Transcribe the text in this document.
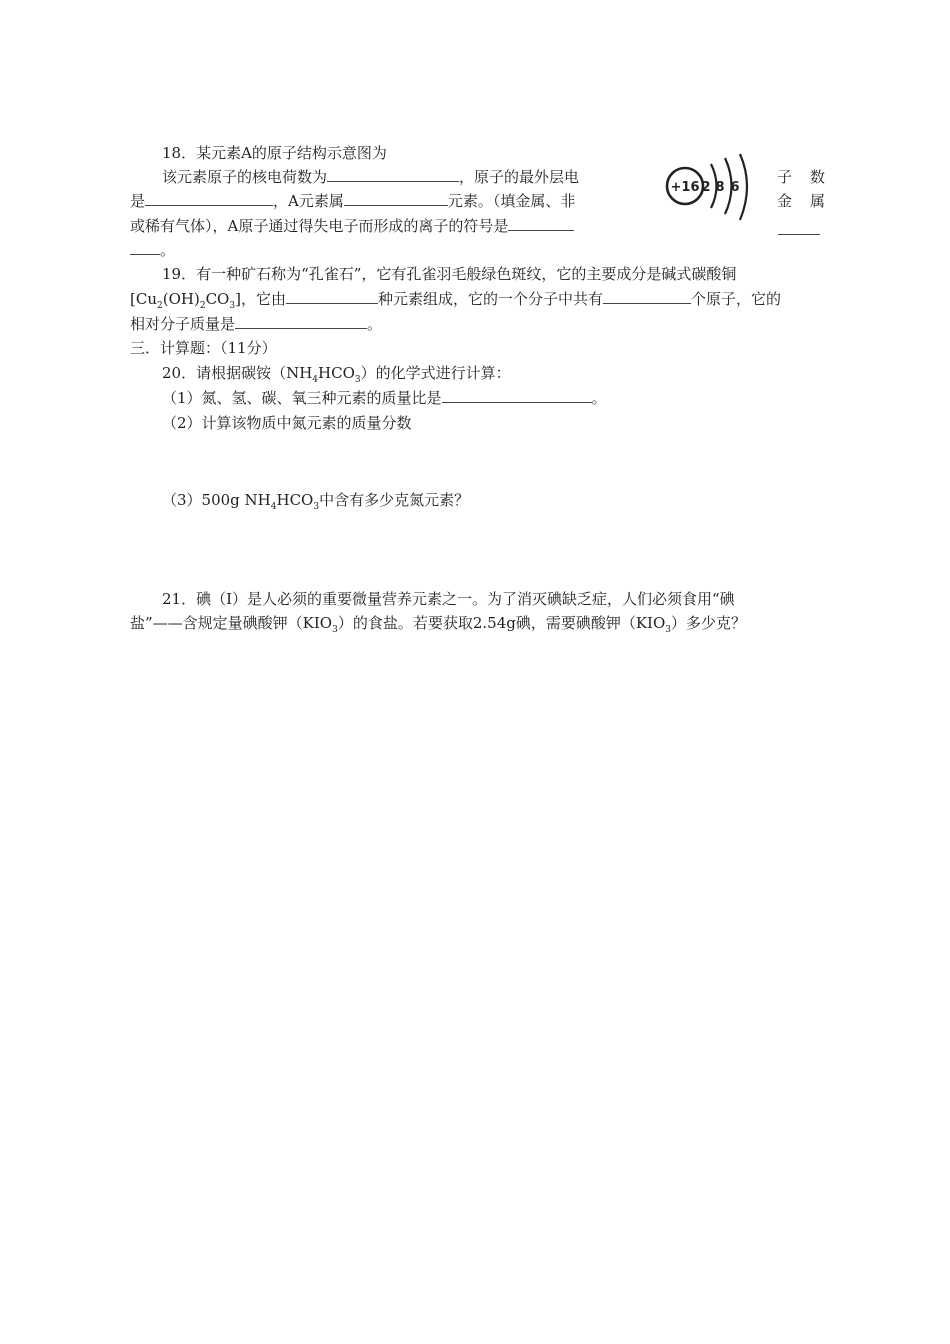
18．某元素A的原子结构示意图为
该元素原子的核电荷数为	，原子的最外层电	子 数
是	，A元素属	元素。（填金属、非	金 属
或稀有气体），A原子通过得失电子而形成的离子的符号是
。
+16 2 8 6
19．有一种矿石称为“孔雀石”，它有孔雀羽毛般绿色斑纹，它的主要成分是碱式碳酸铜
$[Cu_2(OH)_2CO_3]$，它由	种元素组成，它的一个分子中共有	个原子，它的
相对分子质量是	。
三．计算题：（11分）
20．请根据碳铵$(NH_4HCO_3)$的化学式进行计算：
（1）氮、氢、碳、氧三种元素的质量比是	。
（2）计算该物质中氮元素的质量分数
（3）500g $NH_4HCO_3$中含有多少克氮元素？
21．碘（I）是人必须的重要微量营养元素之一。为了消灭碘缺乏症，人们必须食用“碘
盐”——含规定量碘酸钾$(KIO_3)$的食盐。若要获取2.54g碘，需要碘酸钾$(KIO_3)$多少克？
